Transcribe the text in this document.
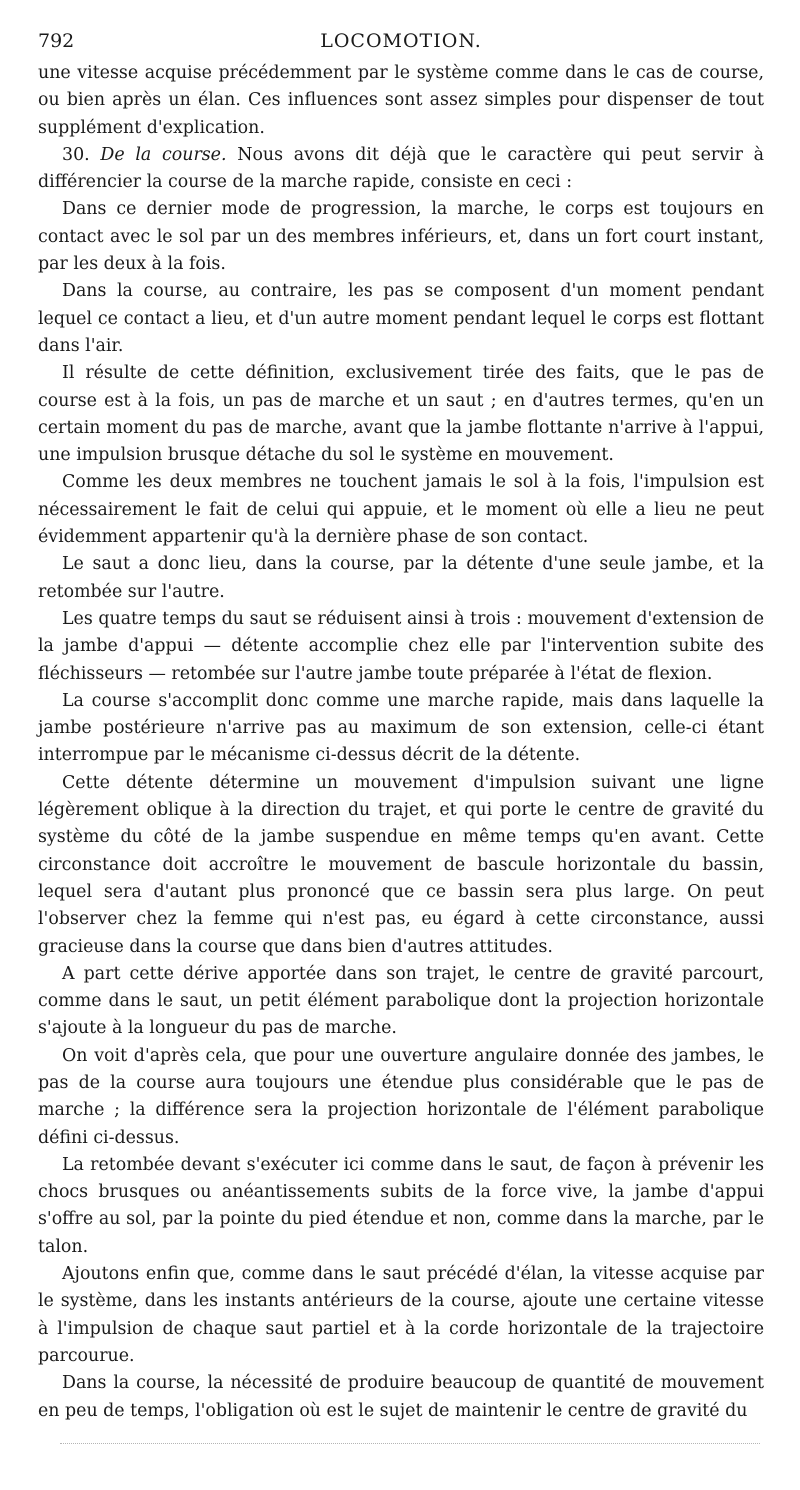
792	LOCOMOTION.

une vitesse acquise précédemment par le système comme dans le cas de course, ou bien après un élan. Ces influences sont assez simples pour dispenser de tout supplément d'explication.

30. De la course. Nous avons dit déjà que le caractère qui peut servir à différencier la course de la marche rapide, consiste en ceci :

Dans ce dernier mode de progression, la marche, le corps est toujours en contact avec le sol par un des membres inférieurs, et, dans un fort court instant, par les deux à la fois.

Dans la course, au contraire, les pas se composent d'un moment pendant lequel ce contact a lieu, et d'un autre moment pendant lequel le corps est flottant dans l'air.

Il résulte de cette définition, exclusivement tirée des faits, que le pas de course est à la fois, un pas de marche et un saut ; en d'autres termes, qu'en un certain moment du pas de marche, avant que la jambe flottante n'arrive à l'appui, une impulsion brusque détache du sol le système en mouvement.

Comme les deux membres ne touchent jamais le sol à la fois, l'impulsion est nécessairement le fait de celui qui appuie, et le moment où elle a lieu ne peut évidemment appartenir qu'à la dernière phase de son contact.

Le saut a donc lieu, dans la course, par la détente d'une seule jambe, et la retombée sur l'autre.

Les quatre temps du saut se réduisent ainsi à trois : mouvement d'extension de la jambe d'appui — détente accomplie chez elle par l'intervention subite des fléchisseurs — retombée sur l'autre jambe toute préparée à l'état de flexion.

La course s'accomplit donc comme une marche rapide, mais dans laquelle la jambe postérieure n'arrive pas au maximum de son extension, celle-ci étant interrompue par le mécanisme ci-dessus décrit de la détente.

Cette détente détermine un mouvement d'impulsion suivant une ligne légèrement oblique à la direction du trajet, et qui porte le centre de gravité du système du côté de la jambe suspendue en même temps qu'en avant. Cette circonstance doit accroître le mouvement de bascule horizontale du bassin, lequel sera d'autant plus prononcé que ce bassin sera plus large. On peut l'observer chez la femme qui n'est pas, eu égard à cette circonstance, aussi gracieuse dans la course que dans bien d'autres attitudes.

A part cette dérive apportée dans son trajet, le centre de gravité parcourt, comme dans le saut, un petit élément parabolique dont la projection horizontale s'ajoute à la longueur du pas de marche.

On voit d'après cela, que pour une ouverture angulaire donnée des jambes, le pas de la course aura toujours une étendue plus considérable que le pas de marche ; la différence sera la projection horizontale de l'élément parabolique défini ci-dessus.

La retombée devant s'exécuter ici comme dans le saut, de façon à prévenir les chocs brusques ou anéantissements subits de la force vive, la jambe d'appui s'offre au sol, par la pointe du pied étendue et non, comme dans la marche, par le talon.

Ajoutons enfin que, comme dans le saut précédé d'élan, la vitesse acquise par le système, dans les instants antérieurs de la course, ajoute une certaine vitesse à l'impulsion de chaque saut partiel et à la corde horizontale de la trajectoire parcourue.

Dans la course, la nécessité de produire beaucoup de quantité de mouvement en peu de temps, l'obligation où est le sujet de maintenir le centre de gravité du
